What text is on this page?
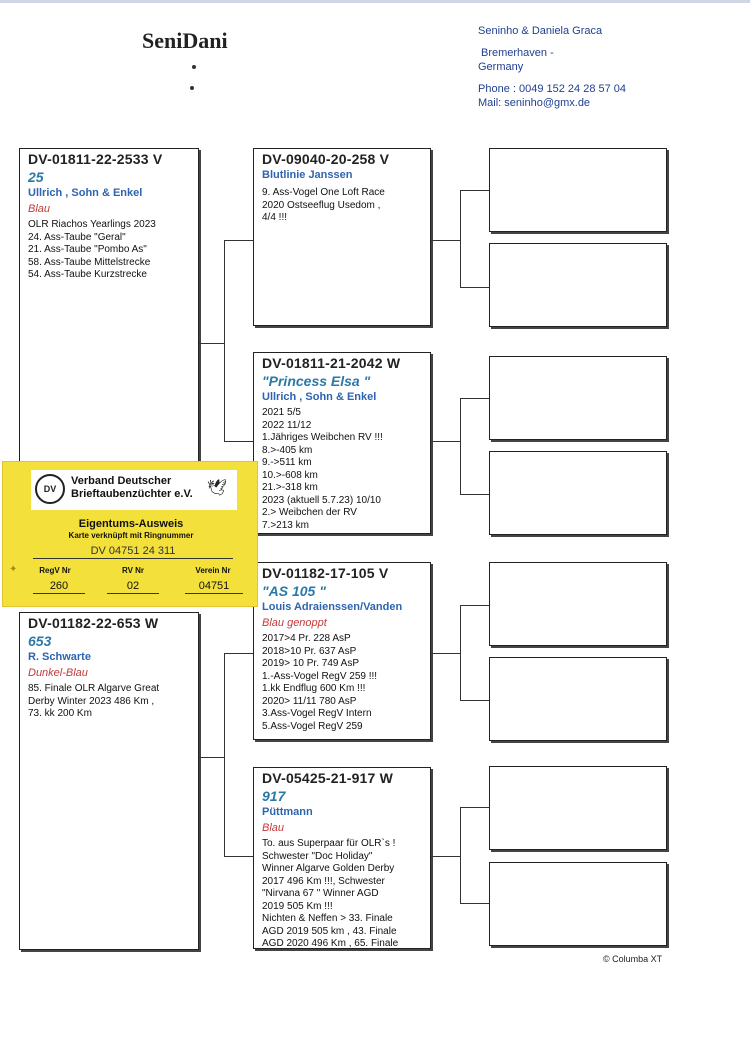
SeniDani	Seninho & Daniela Graca
Bremerhaven -
Germany
Phone : 0049 152 24 28 57 04
Mail: seninho@gmx.de
DV-01811-22-2533 V
25
Ullrich , Sohn & Enkel
Blau
OLR Riachos Yearlings 2023
24. Ass-Taube "Geral"
21. Ass-Taube "Pombo As"
58. Ass-Taube Mittelstrecke
54. Ass-Taube Kurzstrecke
DV-01182-22-653 W
653
R. Schwarte
Dunkel-Blau
85. Finale OLR Algarve Great
Derby Winter 2023 486 Km ,
73. kk 200 Km
DV-09040-20-258 V
Blutlinie Janssen
9. Ass-Vogel One Loft Race
2020 Ostseeflug Usedom ,
4/4 !!!
DV-01811-21-2042 W
"Princess Elsa "
Ullrich , Sohn & Enkel
2021 5/5
2022 11/12
1.Jähriges Weibchen RV !!!
8.>-405 km
9.->511 km
10.>-608 km
21.>-318 km
2023 (aktuell 5.7.23) 10/10
2.> Weibchen der RV
7.>213 km
DV-01182-17-105 V
"AS 105 "
Louis Adraienssen/Vanden
Blau genoppt
2017>4 Pr. 228 AsP
2018>10 Pr. 637 AsP
2019> 10 Pr. 749 AsP
1.-Ass-Vogel RegV 259 !!!
1.kk Endflug 600 Km !!!
2020> 11/11 780 AsP
3.Ass-Vogel RegV Intern
5.Ass-Vogel RegV 259
DV-05425-21-917 W
917
Püttmann
Blau
To. aus Superpaar für OLR`s !
Schwester "Doc Holiday"
Winner Algarve Golden Derby
2017 496 Km !!!, Schwester
"Nirvana 67 " Winner AGD
2019 505 Km !!!
Nichten & Neffen > 33. Finale
AGD 2019 505 km , 43. Finale
AGD 2020 496 Km , 65. Finale
DV
Verband Deutscher
Brieftaubenzüchter e.V. 🕊
Eigentums-Ausweis
Karte verknüpft mit Ringnummer
DV 04751 24 311
✦	RegV Nr	RV Nr	Verein Nr
260	02	04751
© Columba XT
